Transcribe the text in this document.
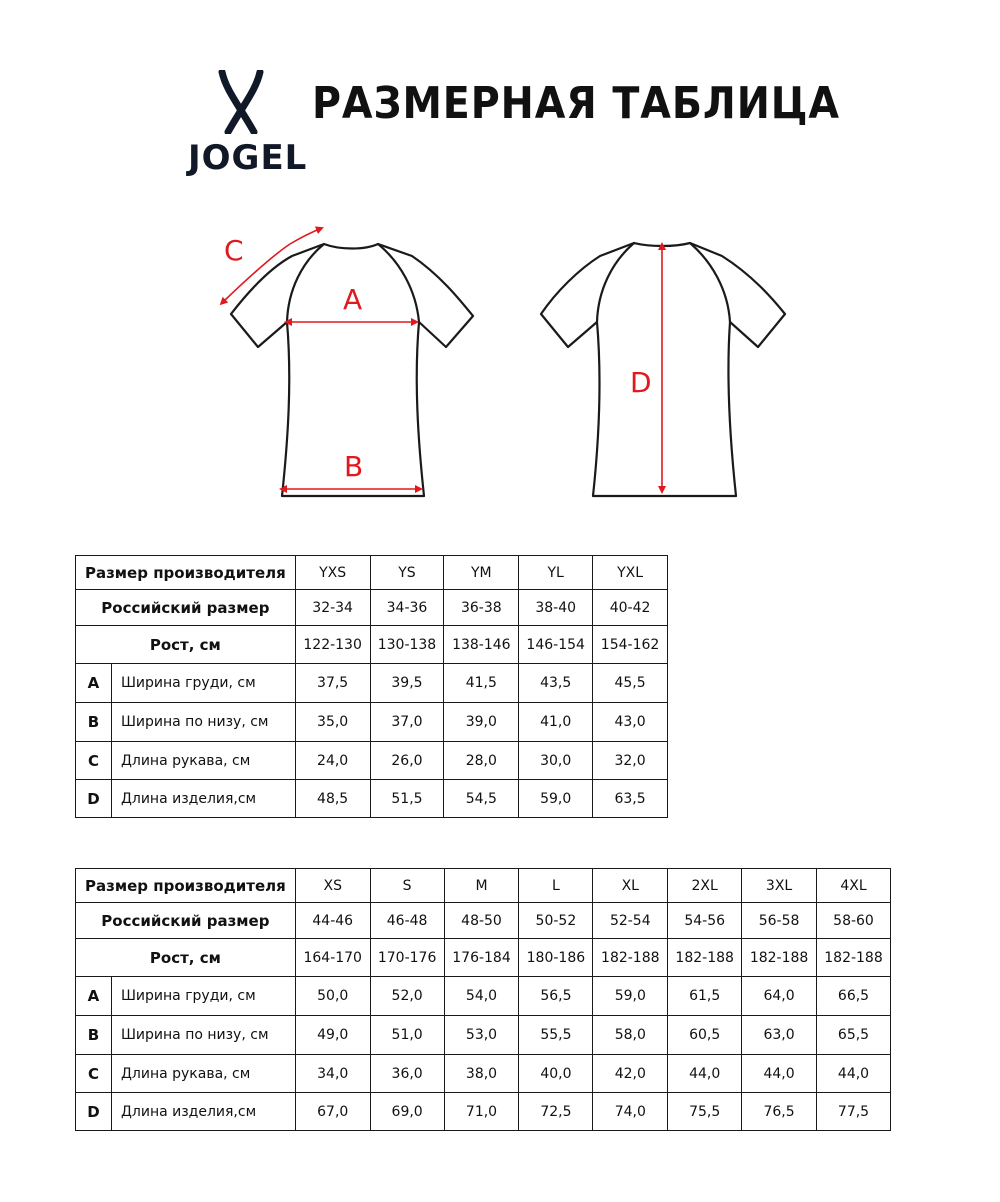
JOGEL
РАЗМЕРНАЯ ТАБЛИЦА
A
B
C
D
Размер производителя		YXS	YS	YM	YL	YXL
Российский размер		32-34	34-36	36-38	38-40	40-42
Рост, см		122-130	130-138	138-146	146-154	154-162
A	Ширина груди, см	37,5	39,5	41,5	43,5	45,5
B	Ширина по низу, см	35,0	37,0	39,0	41,0	43,0
C	Длина рукава, см	24,0	26,0	28,0	30,0	32,0
D	Длина изделия,см	48,5	51,5	54,5	59,0	63,5
Размер производителя		XS	S	M	L	XL	2XL	3XL	4XL
Российский размер		44-46	46-48	48-50	50-52	52-54	54-56	56-58	58-60
Рост, см		164-170	170-176	176-184	180-186	182-188	182-188	182-188	182-188
A	Ширина груди, см	50,0	52,0	54,0	56,5	59,0	61,5	64,0	66,5
B	Ширина по низу, см	49,0	51,0	53,0	55,5	58,0	60,5	63,0	65,5
C	Длина рукава, см	34,0	36,0	38,0	40,0	42,0	44,0	44,0	44,0
D	Длина изделия,см	67,0	69,0	71,0	72,5	74,0	75,5	76,5	77,5
